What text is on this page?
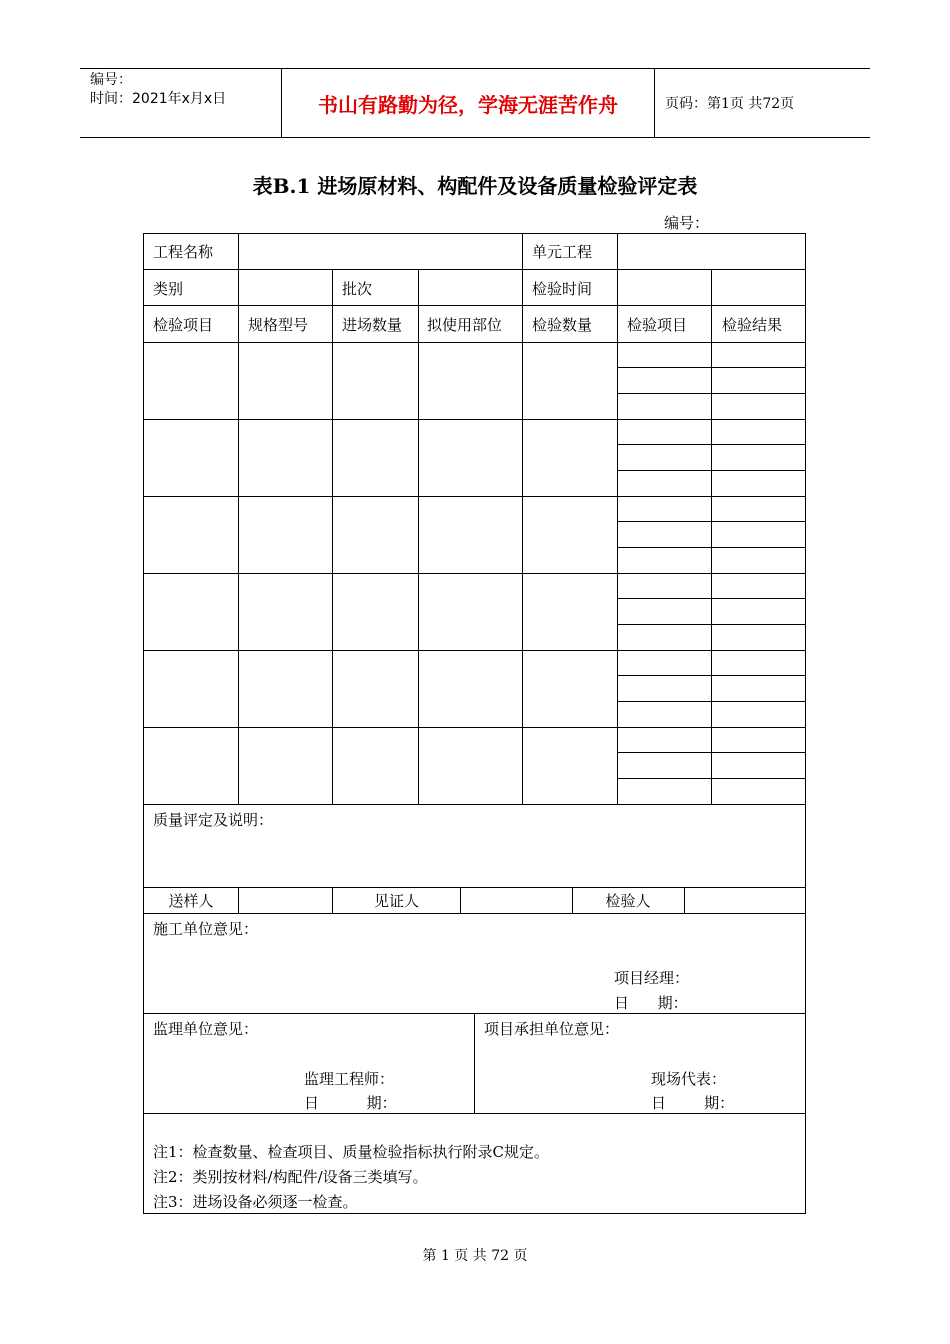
编号：
时间：2021年x月x日	书山有路勤为径，学海无涯苦作舟	页码：第1页 共72页
表B.1 进场原材料、构配件及设备质量检验评定表
编号：
工程名称	单元工程
类别	批次	检验时间
检验项目 规格型号 进场数量 拟使用部位 检验数量 检验项目 检验结果
质量评定及说明：
送样人	见证人	检验人
施工单位意见：
项目经理：
日      期：
监理单位意见：
监理工程师：
日          期：
项目承担单位意见：
现场代表：
日        期：
注1：检查数量、检查项目、质量检验指标执行附录C规定。
注2：类别按材料/构配件/设备三类填写。
注3：进场设备必须逐一检查。
第 1 页 共 72 页
